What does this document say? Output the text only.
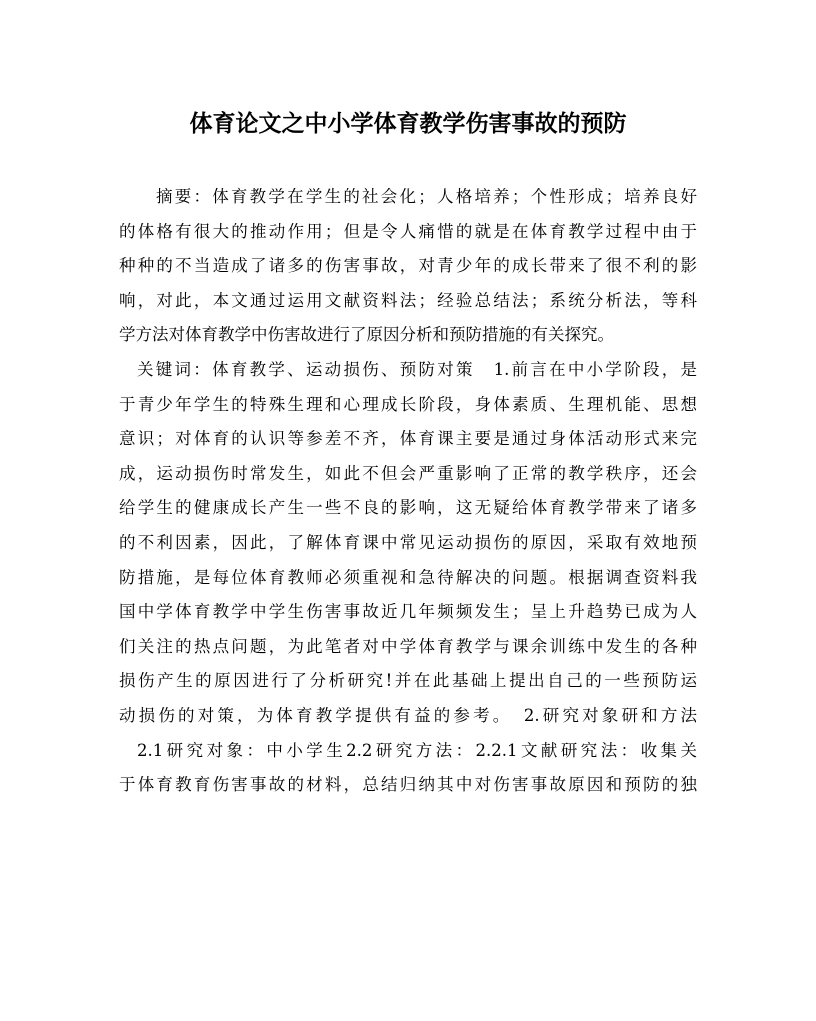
体育论文之中小学体育教学伤害事故的预防
摘要：体育教学在学生的社会化；人格培养；个性形成；培养良好
的体格有很大的推动作用；但是令人痛惜的就是在体育教学过程中由于
种种的不当造成了诸多的伤害事故，对青少年的成长带来了很不利的影
响，对此，本文通过运用文献资料法；经验总结法；系统分析法，等科
学方法对体育教学中伤害故进行了原因分析和预防措施的有关探究。
关键词：体育教学、运动损伤、预防对策　1.前言在中小学阶段，是
于青少年学生的特殊生理和心理成长阶段，身体素质、生理机能、思想
意识；对体育的认识等参差不齐，体育课主要是通过身体活动形式来完
成，运动损伤时常发生，如此不但会严重影响了正常的教学秩序，还会
给学生的健康成长产生一些不良的影响，这无疑给体育教学带来了诸多
的不利因素，因此，了解体育课中常见运动损伤的原因，采取有效地预
防措施，是每位体育教师必须重视和急待解决的问题。根据调查资料我
国中学体育教学中学生伤害事故近几年频频发生；呈上升趋势已成为人
们关注的热点问题，为此笔者对中学体育教学与课余训练中发生的各种
损伤产生的原因进行了分析研究!并在此基础上提出自己的一些预防运
动损伤的对策，为体育教学提供有益的参考。　2.研究对象研和方法
2.1研究对象：中小学生2.2研究方法：2.2.1文献研究法：收集关
于体育教育伤害事故的材料，总结归纳其中对伤害事故原因和预防的独
